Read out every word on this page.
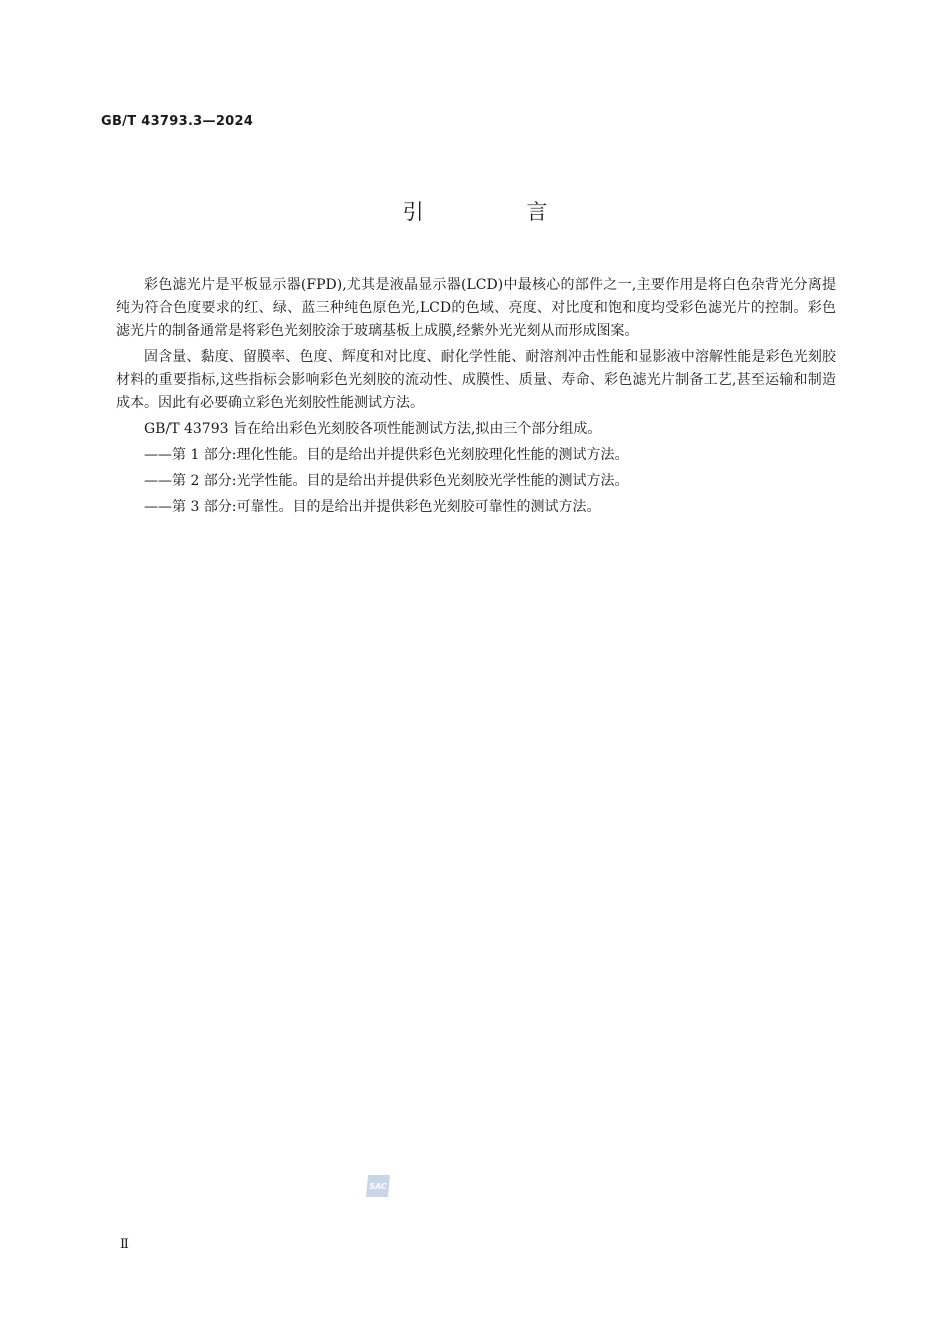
GB/T 43793.3—2024
引 言

彩色滤光片是平板显示器(FPD),尤其是液晶显示器(LCD)中最核心的部件之一,主要作用是将白色杂背光分离提纯为符合色度要求的红、绿、蓝三种纯色原色光,LCD的色域、亮度、对比度和饱和度均受彩色滤光片的控制。彩色滤光片的制备通常是将彩色光刻胶涂于玻璃基板上成膜,经紫外光光刻从而形成图案。

固含量、黏度、留膜率、色度、辉度和对比度、耐化学性能、耐溶剂冲击性能和显影液中溶解性能是彩色光刻胶材料的重要指标,这些指标会影响彩色光刻胶的流动性、成膜性、质量、寿命、彩色滤光片制备工艺,甚至运输和制造成本。因此有必要确立彩色光刻胶性能测试方法。

GB/T 43793 旨在给出彩色光刻胶各项性能测试方法,拟由三个部分组成。

——第 1 部分:理化性能。目的是给出并提供彩色光刻胶理化性能的测试方法。

——第 2 部分:光学性能。目的是给出并提供彩色光刻胶光学性能的测试方法。

——第 3 部分:可靠性。目的是给出并提供彩色光刻胶可靠性的测试方法。

SAC
Ⅱ
